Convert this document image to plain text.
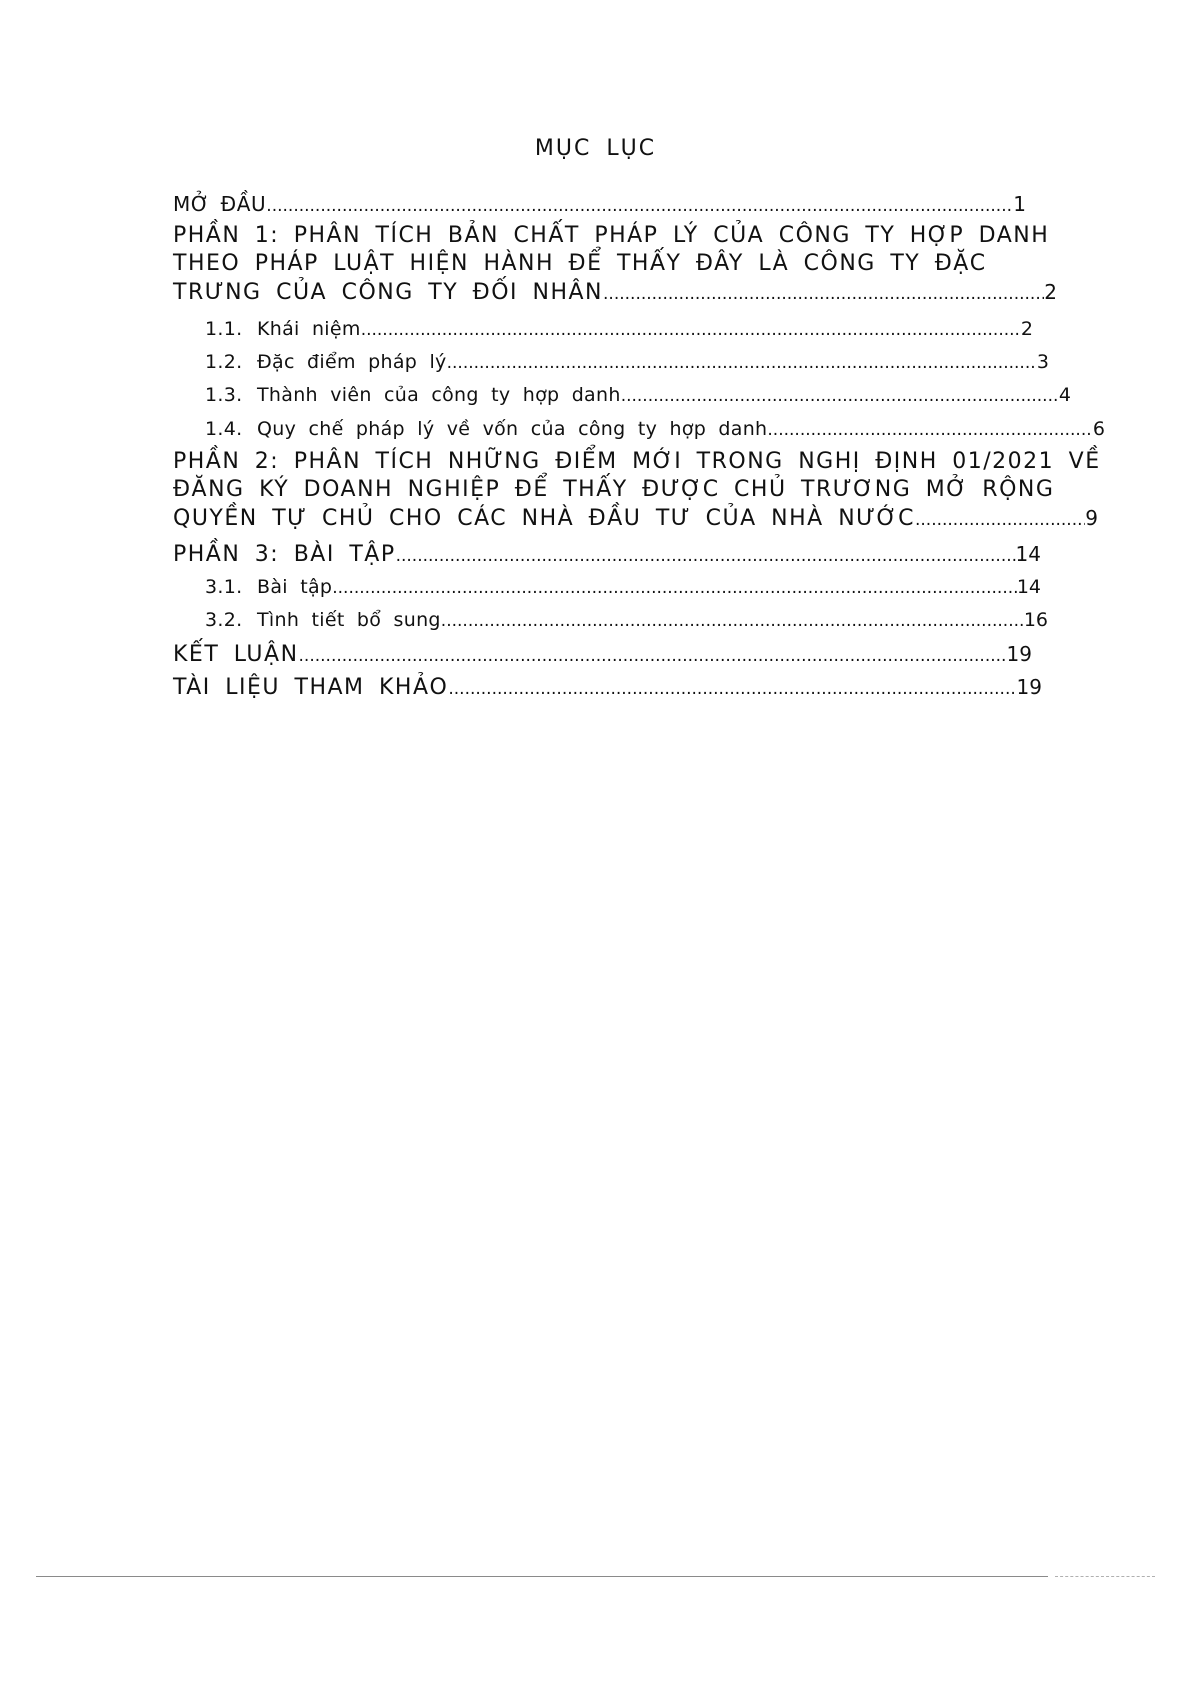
MỤC LỤC
MỞ ĐẦU .....	1
PHẦN 1: PHÂN TÍCH BẢN CHẤT PHÁP LÝ CỦA CÔNG TY HỢP DANH
THEO PHÁP LUẬT HIỆN HÀNH ĐỂ THẤY ĐÂY LÀ CÔNG TY ĐẶC
TRƯNG CỦA CÔNG TY ĐỐI NHÂN .....	2
1.1. Khái niệm .....	2
1.2. Đặc điểm pháp lý .....	3
1.3. Thành viên của công ty hợp danh .....	4
1.4. Quy chế pháp lý về vốn của công ty hợp danh .....	6
PHẦN 2: PHÂN TÍCH NHỮNG ĐIỂM MỚI TRONG NGHỊ ĐỊNH 01/2021 VỀ
ĐĂNG KÝ DOANH NGHIỆP ĐỂ THẤY ĐƯỢC CHỦ TRƯƠNG MỞ RỘNG
QUYỀN TỰ CHỦ CHO CÁC NHÀ ĐẦU TƯ CỦA NHÀ NƯỚC .....	9
PHẦN 3: BÀI TẬP .....	14
3.1. Bài tập .....	14
3.2. Tình tiết bổ sung .....	16
KẾT LUẬN .....	19
TÀI LIỆU THAM KHẢO .....	19
